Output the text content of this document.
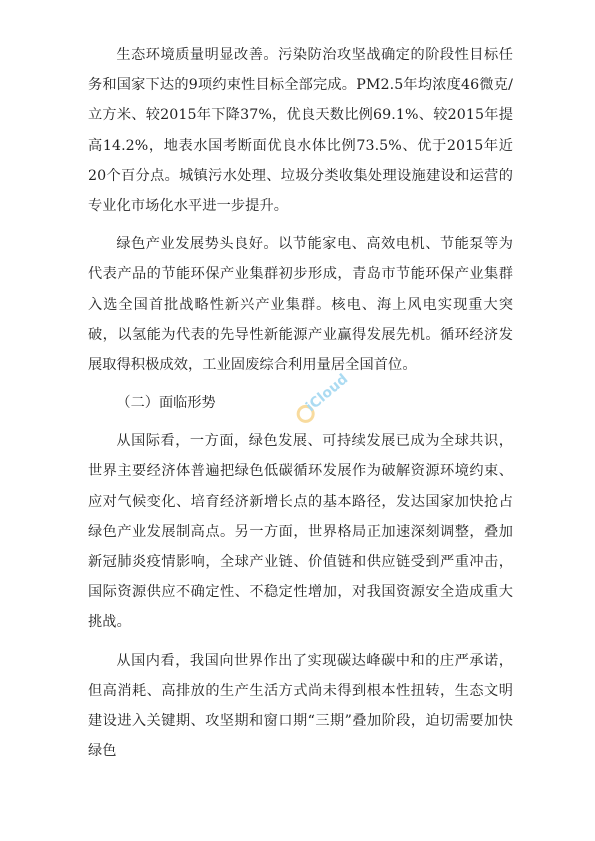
生态环境质量明显改善。污染防治攻坚战确定的阶段性目标任务和国家下达的9项约束性目标全部完成。PM2.5年均浓度46微克/立方米、较2015年下降37%，优良天数比例69.1%、较2015年提高14.2%，地表水国考断面优良水体比例73.5%、优于2015年近20个百分点。城镇污水处理、垃圾分类收集处理设施建设和运营的专业化市场化水平进一步提升。

绿色产业发展势头良好。以节能家电、高效电机、节能泵等为代表产品的节能环保产业集群初步形成，青岛市节能环保产业集群入选全国首批战略性新兴产业集群。核电、海上风电实现重大突破，以氢能为代表的先导性新能源产业赢得发展先机。循环经济发展取得积极成效，工业固废综合利用量居全国首位。

（二）面临形势

从国际看，一方面，绿色发展、可持续发展已成为全球共识，世界主要经济体普遍把绿色低碳循环发展作为破解资源环境约束、应对气候变化、培育经济新增长点的基本路径，发达国家加快抢占绿色产业发展制高点。另一方面，世界格局正加速深刻调整，叠加新冠肺炎疫情影响，全球产业链、价值链和供应链受到严重冲击，国际资源供应不确定性、不稳定性增加，对我国资源安全造成重大挑战。

从国内看，我国向世界作出了实现碳达峰碳中和的庄严承诺，但高消耗、高排放的生产生活方式尚未得到根本性扭转，生态文明建设进入关键期、攻坚期和窗口期“三期”叠加阶段，迫切需要加快绿色

iCloud
